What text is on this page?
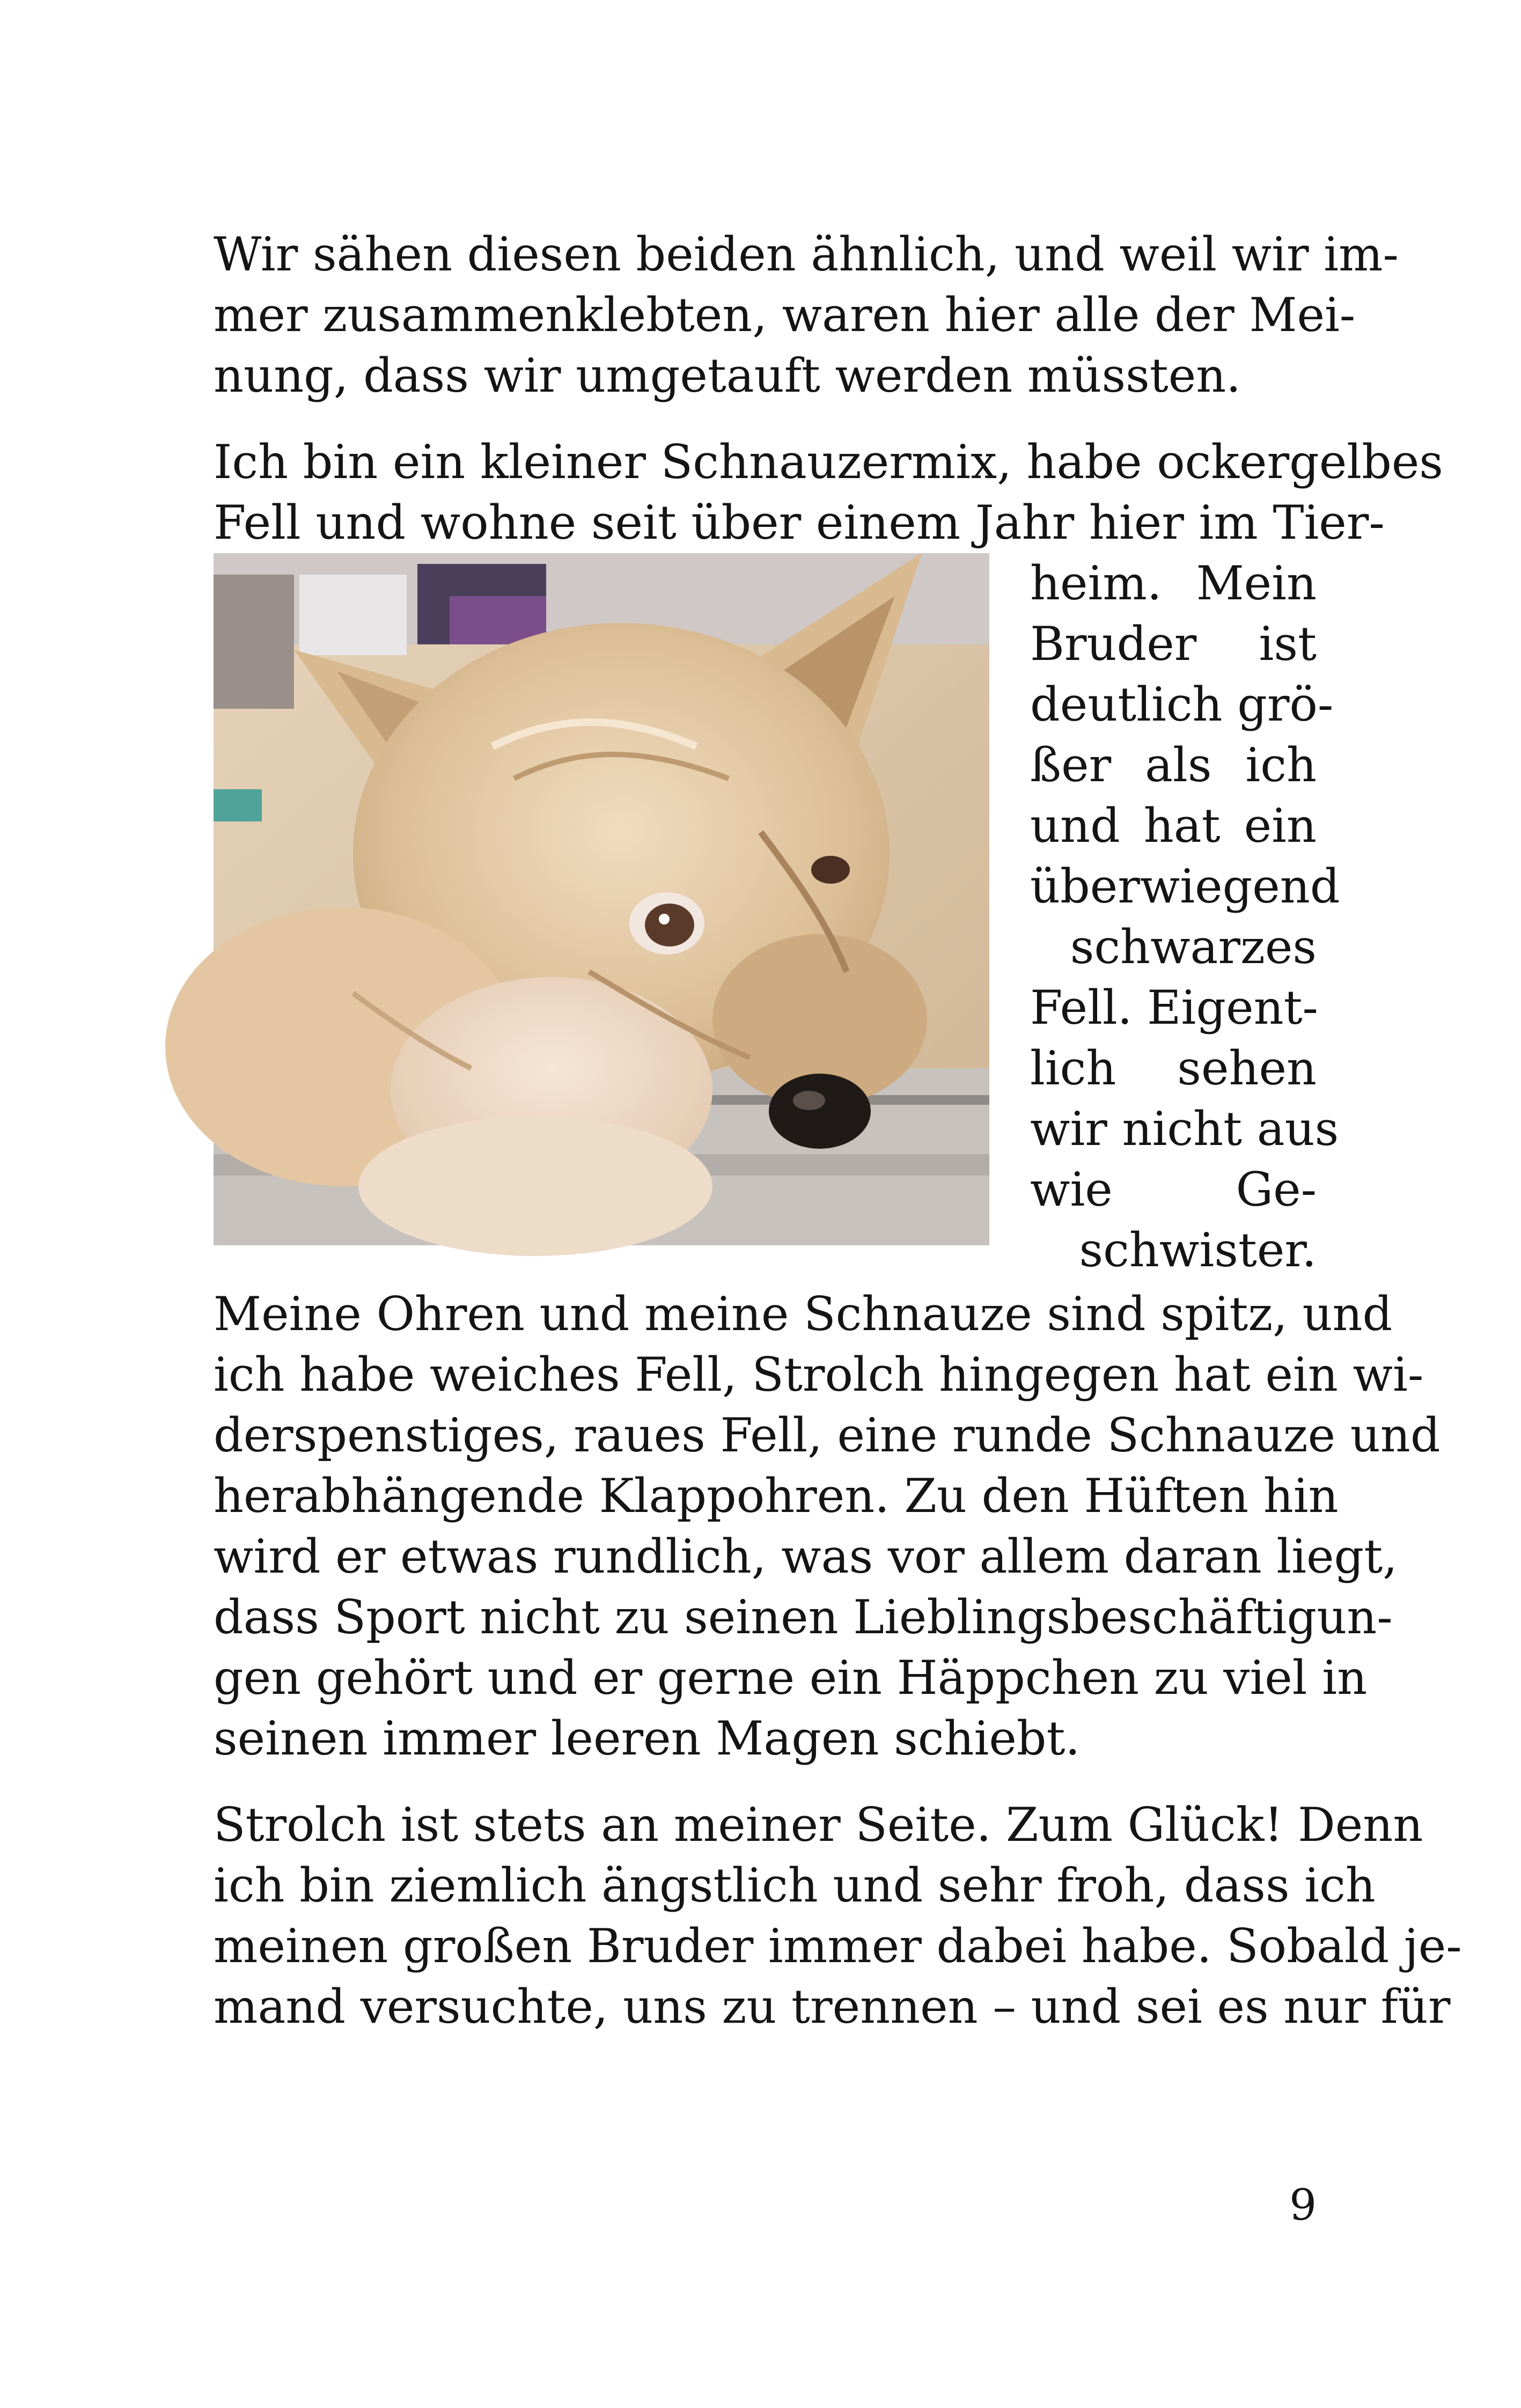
Wir sähen diesen beiden ähnlich, und weil wir im-
mer zusammenklebten, waren hier alle der Mei-
nung, dass wir umgetauft werden müssten.

Ich bin ein kleiner Schnauzermix, habe ockergelbes
Fell und wohne seit über einem Jahr hier im Tier-
heim. Mein
Bruder ist
deutlich grö-
ßer als ich
und hat ein
überwiegend
schwarzes
Fell. Eigent-
lich sehen
wir nicht aus
wie Ge-
schwister.
Meine Ohren und meine Schnauze sind spitz, und
ich habe weiches Fell, Strolch hingegen hat ein wi-
derspenstiges, raues Fell, eine runde Schnauze und
herabhängende Klappohren. Zu den Hüften hin
wird er etwas rundlich, was vor allem daran liegt,
dass Sport nicht zu seinen Lieblingsbeschäftigun-
gen gehört und er gerne ein Häppchen zu viel in
seinen immer leeren Magen schiebt.

Strolch ist stets an meiner Seite. Zum Glück! Denn
ich bin ziemlich ängstlich und sehr froh, dass ich
meinen großen Bruder immer dabei habe. Sobald je-
mand versuchte, uns zu trennen – und sei es nur für

9
